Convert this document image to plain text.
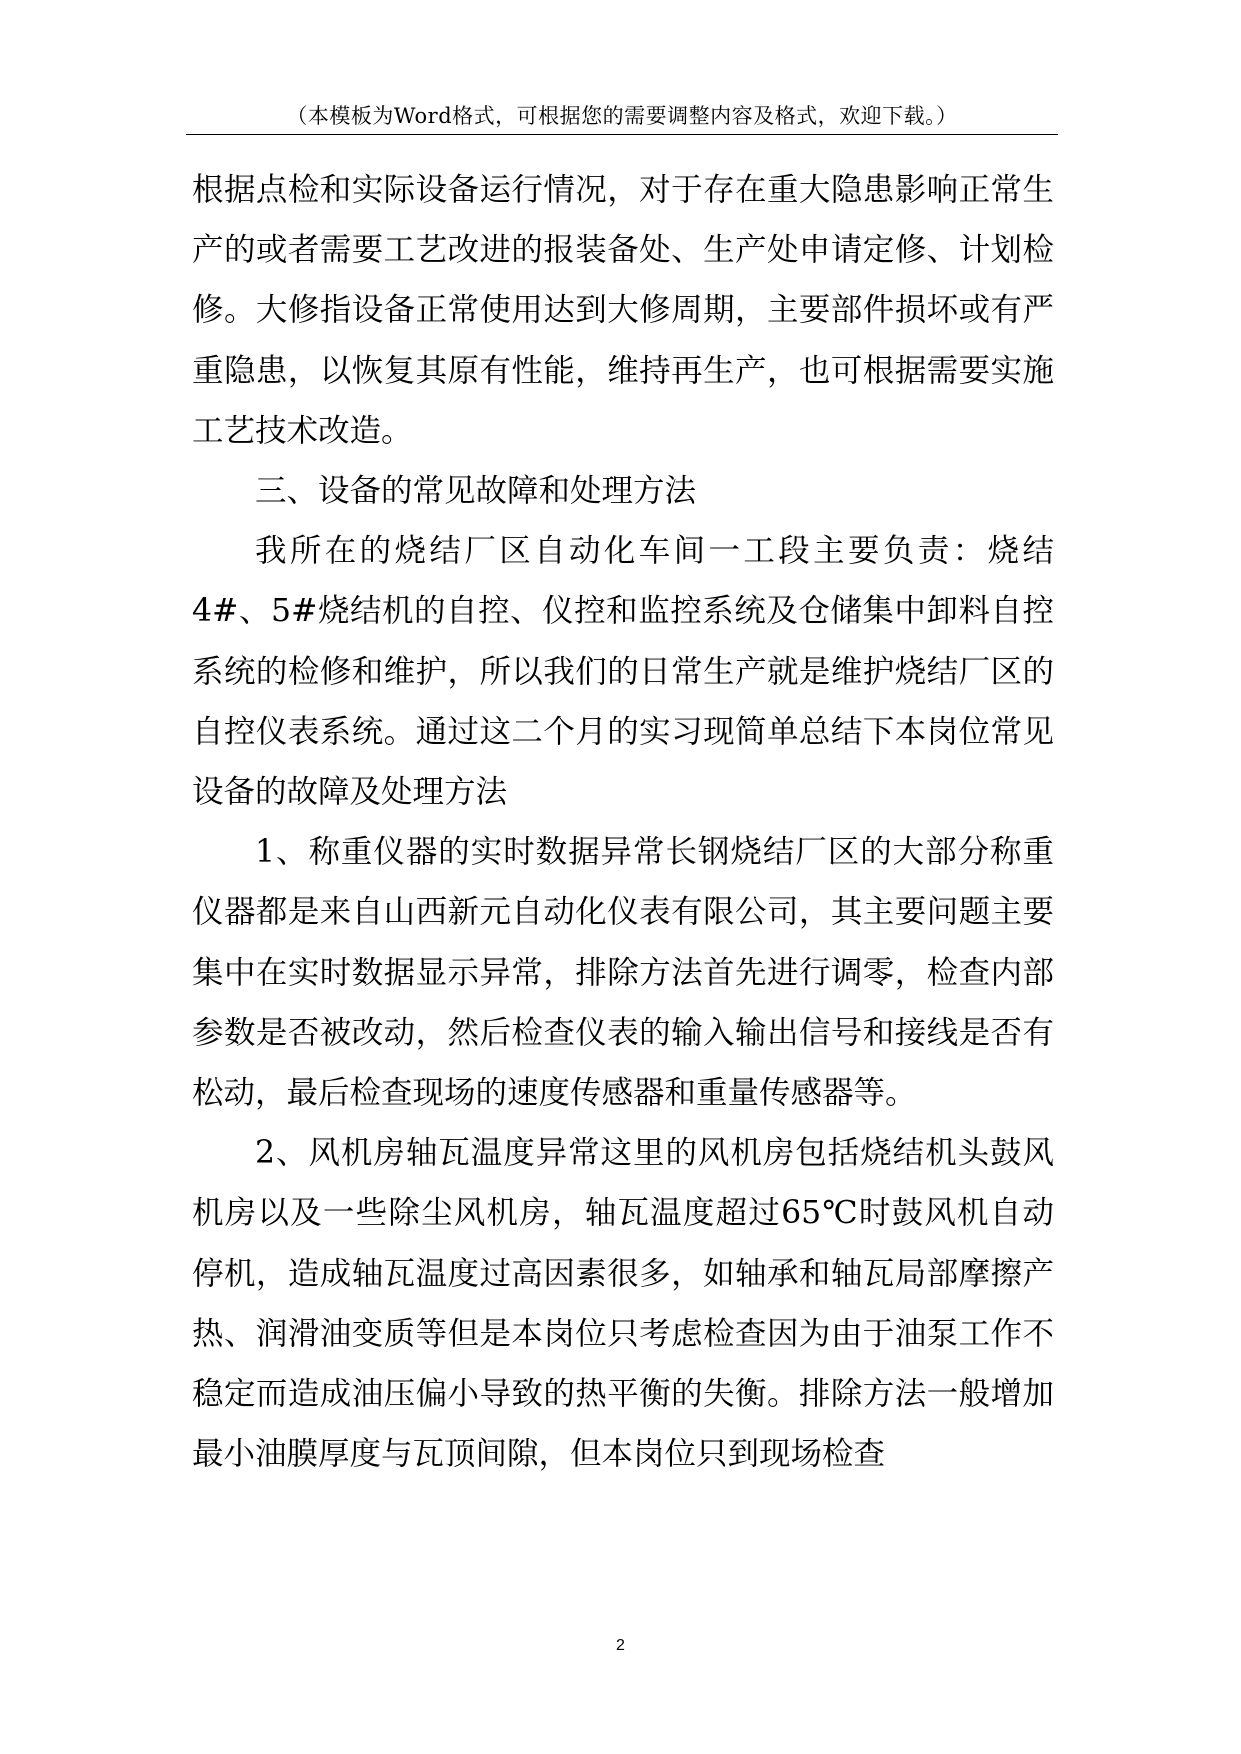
（本模板为Word格式，可根据您的需要调整内容及格式，欢迎下载。）

根据点检和实际设备运行情况，对于存在重大隐患影响正常生产的或者需要工艺改进的报装备处、生产处申请定修、计划检修。大修指设备正常使用达到大修周期，主要部件损坏或有严重隐患，以恢复其原有性能，维持再生产，也可根据需要实施工艺技术改造。

三、设备的常见故障和处理方法

我所在的烧结厂区自动化车间一工段主要负责：烧结4#、5#烧结机的自控、仪控和监控系统及仓储集中卸料自控系统的检修和维护，所以我们的日常生产就是维护烧结厂区的自控仪表系统。通过这二个月的实习现简单总结下本岗位常见设备的故障及处理方法

1、称重仪器的实时数据异常长钢烧结厂区的大部分称重仪器都是来自山西新元自动化仪表有限公司，其主要问题主要集中在实时数据显示异常，排除方法首先进行调零，检查内部参数是否被改动，然后检查仪表的输入输出信号和接线是否有松动，最后检查现场的速度传感器和重量传感器等。

2、风机房轴瓦温度异常这里的风机房包括烧结机头鼓风机房以及一些除尘风机房，轴瓦温度超过65℃时鼓风机自动停机，造成轴瓦温度过高因素很多，如轴承和轴瓦局部摩擦产热、润滑油变质等但是本岗位只考虑检查因为由于油泵工作不稳定而造成油压偏小导致的热平衡的失衡。排除方法一般增加最小油膜厚度与瓦顶间隙，但本岗位只到现场检查

2
